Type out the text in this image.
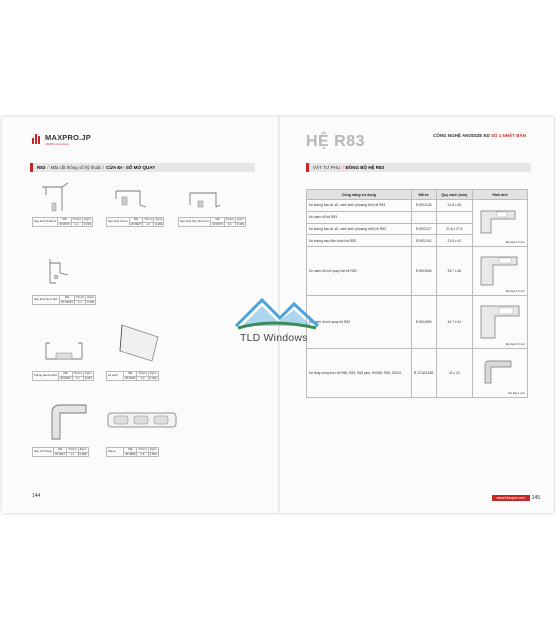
MAXPRO.JP
JAPAN Aluminium
R83 / Mặt cắt thông số kỹ thuật / CỬA ĐI - SỔ MỞ QUAY
Nẹp kính 8-10mm	Mã	T(mm)	Kg/m
	JP-8373	1.1	0.215
Nẹp kính 12mm	Mã	T(mm)	Kg/m
	JP-8327	1.1	0.264
Nẹp kính hộp 15-17mm	Mã	T(mm)	Kg/m
	JP-8373	1.1	0.189
Nẹp kính 6mm đơn	Mã	T(mm)	Kg/m
	JP-15331	1.1	0.200
Khung bao lá sách	Mã	T(mm)	Kg/m
	JP-8322	1.1	0.367
Lá sách	Mã	T(mm)	Kg/m
	JP-8334	1.0	0.322
Nẹp chỉ tường	Mã	T(mm)	Kg/m
	JP-8317	1.1	0.488
Diana	Mã	T(mm)	Kg/m
	JP-8382	0.8	0.584
144
HỆ R83	CÔNG NGHỆ ANODIZE ED SỐ 1 NHẬT BẢN
VẬT TƯ PHỤ / ĐỒNG BỘ HỆ R83
Công năng sử dụng	Mã ke	Quy cách (mm)	Hình ảnh
Ke khung bao đi, sổ, vách kính (khoang lớn) hệ R83	R-BG2146	21.8 x 46	Độ dày 4.5 mm

Ke cánh sổ hệ R83			
Ke khung bao đi, sổ, vách kính (khoang nhỏ) hệ R83	R-BG2127	21.8 x 27.5	
Ke khung bao đảo chiều hệ R83	R-BG2142	21.8 x 42	
Ke cánh sổ mở quay hất hệ R83	R-BG3346	33.7 x 46	Độ dày 4.5 mm

Ke cánh đi mở quay hệ R83	R-BG4059	40.7 x 61	Độ dày 4.5 mm

Ke tăng cứng inox hệ R80, R83, R65 plus, SKD80, R65, 55115.	R-TCA2134B	42 x 13	Độ dày 1 mm
www.Maxpro.com	145
TLD Windows
